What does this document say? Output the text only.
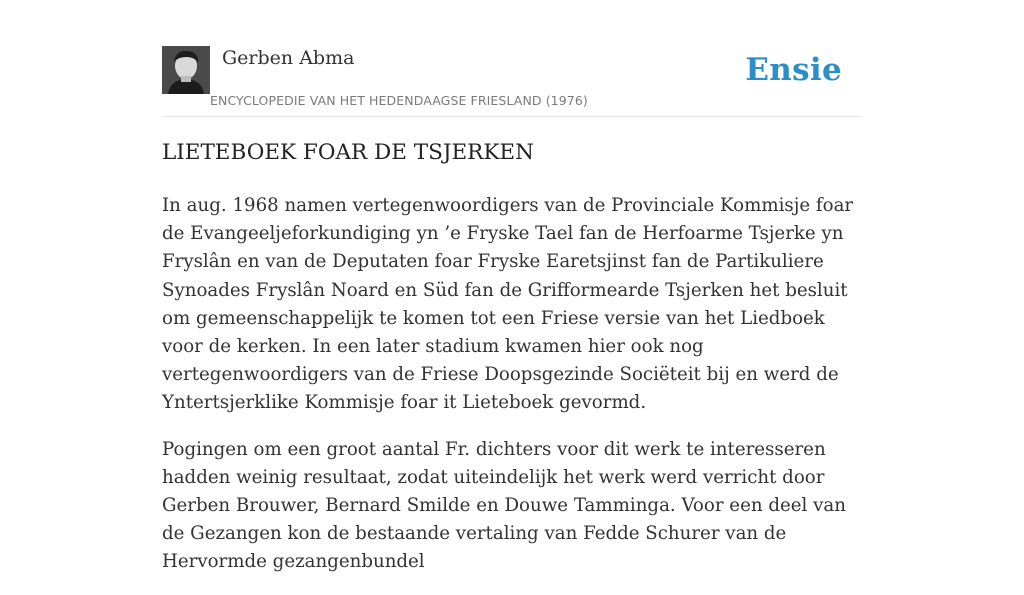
Gerben Abma
ENCYCLOPEDIE VAN HET HEDENDAAGSE FRIESLAND (1976)
Ensie
LIETEBOEK FOAR DE TSJERKEN

In aug. 1968 namen vertegenwoordigers van de Provinciale Kommisje foar de Evangeeljeforkundiging yn ’e Fryske Tael fan de Herfoarme Tsjerke yn Fryslân en van de Deputaten foar Fryske Earetsjinst fan de Partikuliere Synoades Fryslân Noard en Süd fan de Grifformearde Tsjerken het besluit om gemeenschappelijk te komen tot een Friese versie van het Liedboek voor de kerken. In een later stadium kwamen hier ook nog vertegenwoordigers van de Friese Doopsgezinde Sociëteit bij en werd de Yntertsjerklike Kommisje foar it Lieteboek gevormd.

Pogingen om een groot aantal Fr. dichters voor dit werk te interesseren hadden weinig resultaat, zodat uiteindelijk het werk werd verricht door Gerben Brouwer, Bernard Smilde en Douwe Tamminga. Voor een deel van de Gezangen kon de bestaande vertaling van Fedde Schurer van de Hervormde gezangenbundel
